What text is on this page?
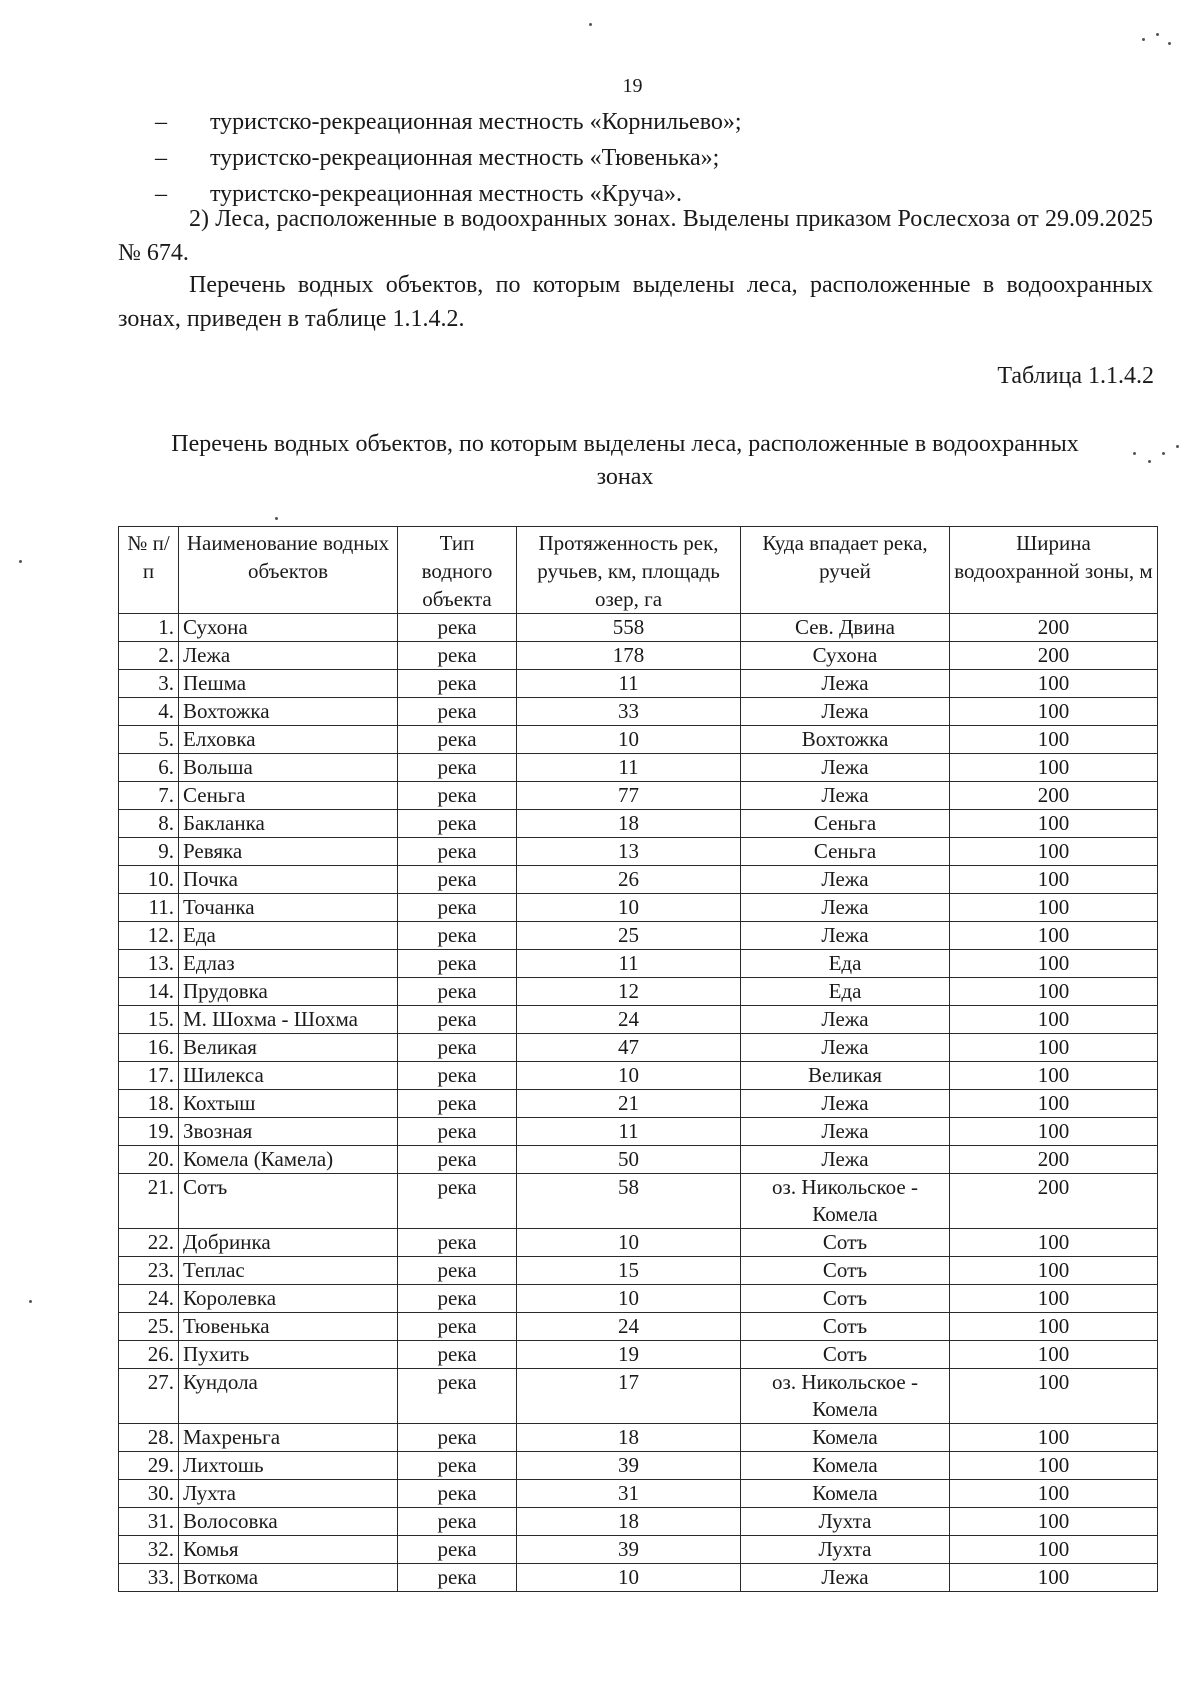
19
– туристско-рекреационная местность «Корнильево»;
– туристско-рекреационная местность «Тювенька»;
– туристско-рекреационная местность «Круча».

2) Леса, расположенные в водоохранных зонах. Выделены приказом Рослесхоза от 29.09.2025 № 674.

Перечень водных объектов, по которым выделены леса, расположенные в водоохранных зонах, приведен в таблице 1.1.4.2.

Таблица 1.1.4.2
Перечень водных объектов, по которым выделены леса, расположенные в водоохранных зонах
№ п/п	Наименование водных объектов	Тип водного объекта	Протяженность рек, ручьев, км, площадь озер, га	Куда впадает река, ручей	Ширина водоохранной зоны, м
1.	Сухона	река	558	Сев. Двина	200
2.	Лежа	река	178	Сухона	200
3.	Пешма	река	11	Лежа	100
4.	Вохтожка	река	33	Лежа	100
5.	Елховка	река	10	Вохтожка	100
6.	Вольша	река	11	Лежа	100
7.	Сеньга	река	77	Лежа	200
8.	Бакланка	река	18	Сеньга	100
9.	Ревяка	река	13	Сеньга	100
10.	Почка	река	26	Лежа	100
11.	Точанка	река	10	Лежа	100
12.	Еда	река	25	Лежа	100
13.	Едлаз	река	11	Еда	100
14.	Прудовка	река	12	Еда	100
15.	М. Шохма - Шохма	река	24	Лежа	100
16.	Великая	река	47	Лежа	100
17.	Шилекса	река	10	Великая	100
18.	Кохтыш	река	21	Лежа	100
19.	Звозная	река	11	Лежа	100
20.	Комела (Камела)	река	50	Лежа	200
21.	Сотъ	река	58	оз. Никольское - Комела	200
22.	Добринка	река	10	Сотъ	100
23.	Теплас	река	15	Сотъ	100
24.	Королевка	река	10	Сотъ	100
25.	Тювенька	река	24	Сотъ	100
26.	Пухить	река	19	Сотъ	100
27.	Кундола	река	17	оз. Никольское - Комела	100
28.	Махреньга	река	18	Комела	100
29.	Лихтошь	река	39	Комела	100
30.	Лухта	река	31	Комела	100
31.	Волосовка	река	18	Лухта	100
32.	Комья	река	39	Лухта	100
33.	Воткома	река	10	Лежа	100
